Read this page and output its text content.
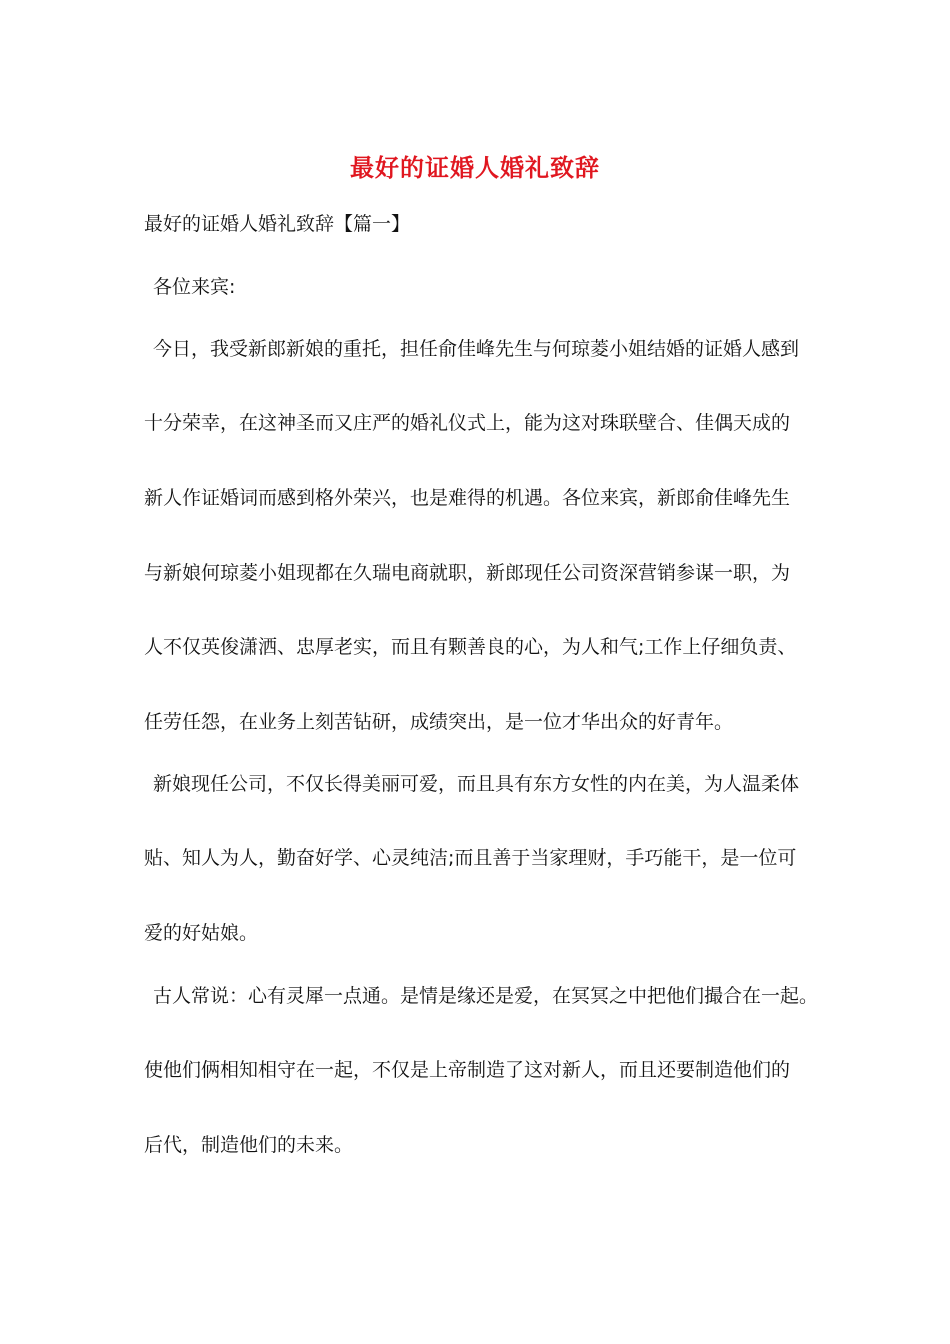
最好的证婚人婚礼致辞
最好的证婚人婚礼致辞【篇一】
各位来宾:
今日，我受新郎新娘的重托，担任俞佳峰先生与何琼菱小姐结婚的证婚人感到
十分荣幸，在这神圣而又庄严的婚礼仪式上，能为这对珠联壁合、佳偶天成的
新人作证婚词而感到格外荣兴，也是难得的机遇。各位来宾，新郎俞佳峰先生
与新娘何琼菱小姐现都在久瑞电商就职，新郎现任公司资深营销参谋一职，为
人不仅英俊潇洒、忠厚老实，而且有颗善良的心，为人和气;工作上仔细负责、
任劳任怨，在业务上刻苦钻研，成绩突出，是一位才华出众的好青年。
新娘现任公司，不仅长得美丽可爱，而且具有东方女性的内在美，为人温柔体
贴、知人为人，勤奋好学、心灵纯洁;而且善于当家理财，手巧能干，是一位可
爱的好姑娘。
古人常说：心有灵犀一点通。是情是缘还是爱，在冥冥之中把他们撮合在一起。
使他们俩相知相守在一起，不仅是上帝制造了这对新人，而且还要制造他们的
后代，制造他们的未来。
